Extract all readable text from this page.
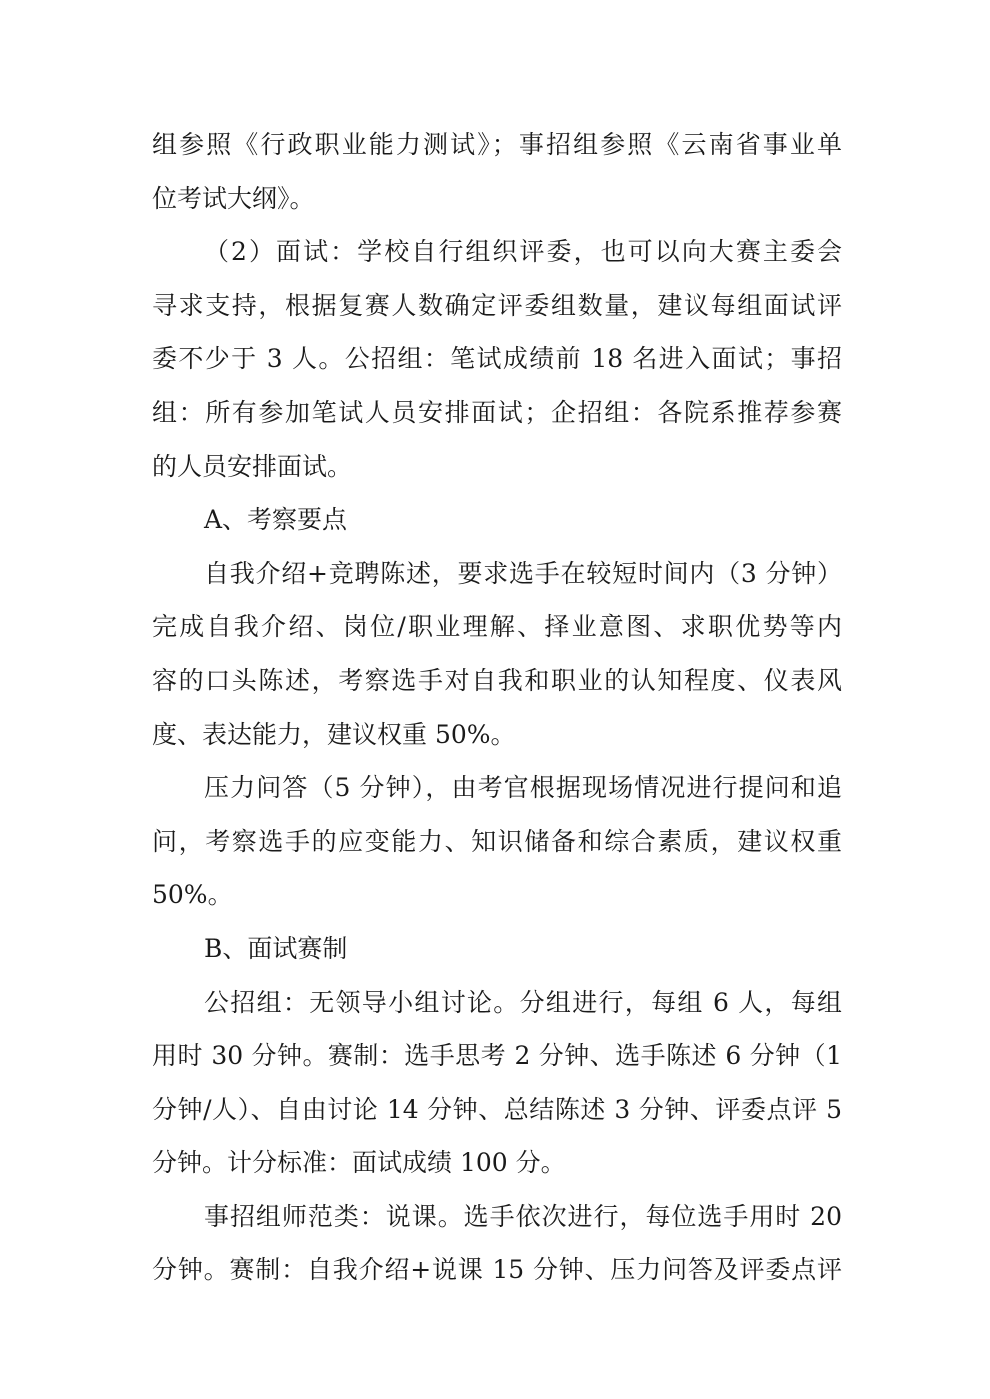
组参照《行政职业能力测试》；事招组参照《云南省事业单
位考试大纲》。
（2）面试：学校自行组织评委，也可以向大赛主委会
寻求支持，根据复赛人数确定评委组数量，建议每组面试评
委不少于 3 人。公招组：笔试成绩前 18 名进入面试；事招
组：所有参加笔试人员安排面试；企招组：各院系推荐参赛
的人员安排面试。
A、考察要点
自我介绍+竞聘陈述，要求选手在较短时间内（3 分钟）
完成自我介绍、岗位/职业理解、择业意图、求职优势等内
容的口头陈述，考察选手对自我和职业的认知程度、仪表风
度、表达能力，建议权重 50%。
压力问答（5 分钟），由考官根据现场情况进行提问和追
问，考察选手的应变能力、知识储备和综合素质，建议权重
50%。
B、面试赛制
公招组：无领导小组讨论。分组进行，每组 6 人，每组
用时 30 分钟。赛制：选手思考 2 分钟、选手陈述 6 分钟（1
分钟/人）、自由讨论 14 分钟、总结陈述 3 分钟、评委点评 5
分钟。计分标准：面试成绩 100 分。
事招组师范类：说课。选手依次进行，每位选手用时 20
分钟。赛制：自我介绍+说课 15 分钟、压力问答及评委点评
